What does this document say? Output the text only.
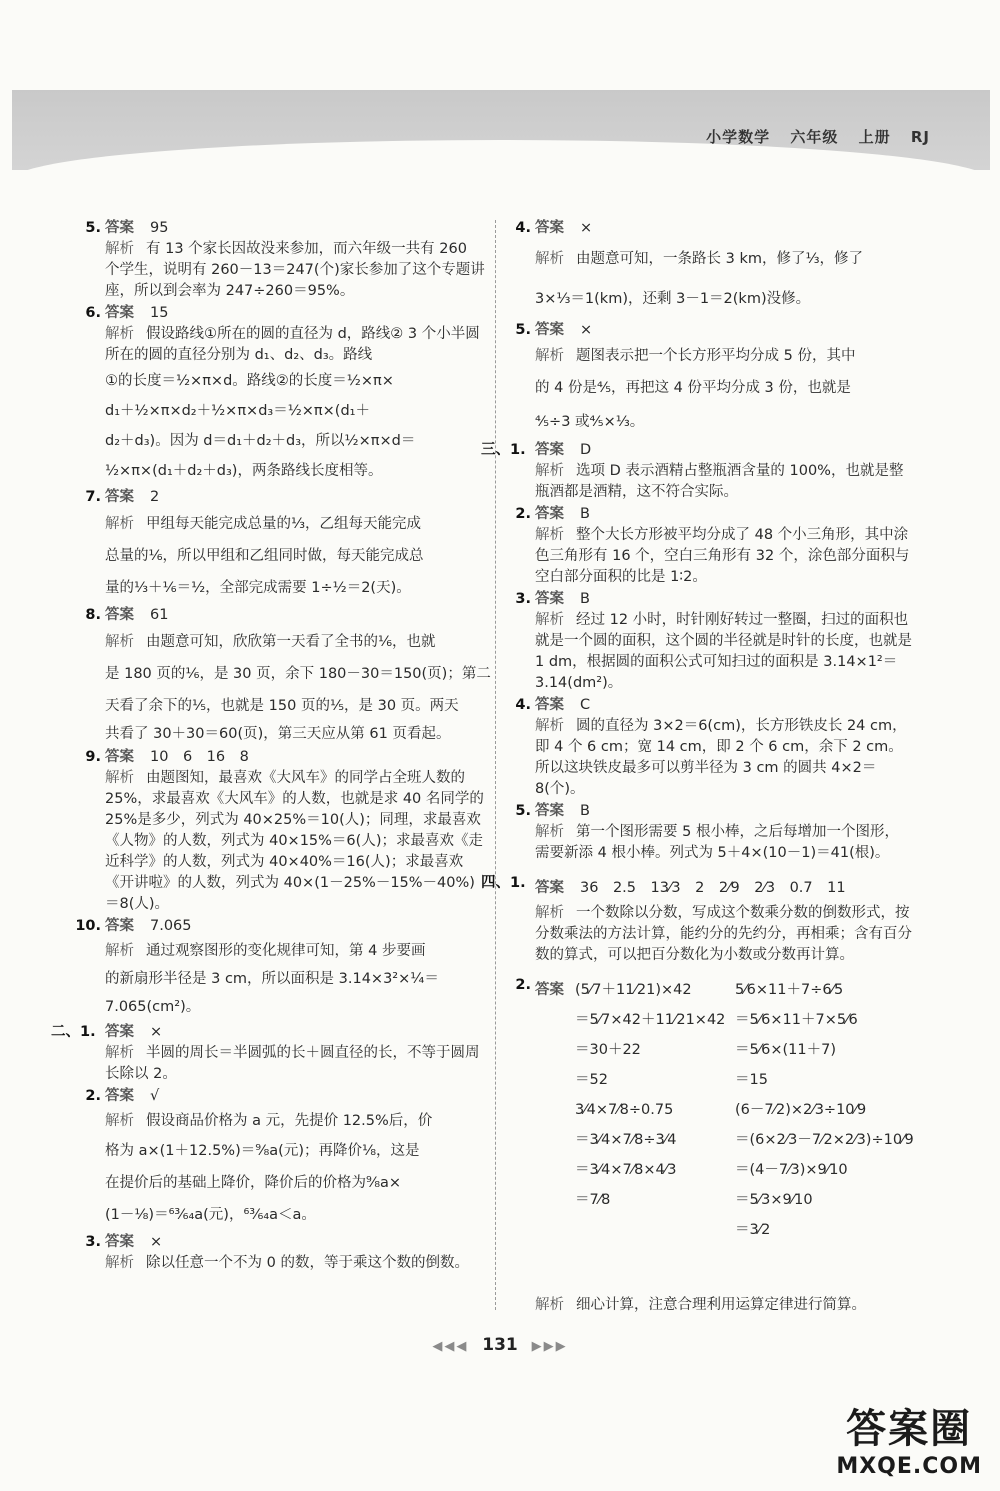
小学数学 六年级 上册 RJ
5. 答案 95
解析 有 13 个家长因故没来参加，而六年级一共有 260 个学生，说明有 260－13＝247(个)家长参加了这个专题讲座，所以到会率为 247÷260＝95%。
6. 答案 15
解析 假设路线①所在的圆的直径为 d，路线② 3 个小半圆所在的圆的直径分别为 d₁、d₂、d₃。路线
①的长度＝½×π×d。路线②的长度＝½×π×
d₁＋½×π×d₂＋½×π×d₃＝½×π×(d₁＋
d₂＋d₃)。因为 d＝d₁＋d₂＋d₃，所以½×π×d＝
½×π×(d₁＋d₂＋d₃)，两条路线长度相等。
7. 答案 2
解析 甲组每天能完成总量的⅓，乙组每天能完成
总量的⅙，所以甲组和乙组同时做，每天能完成总
量的⅓＋⅙＝½，全部完成需要 1÷½＝2(天)。
8. 答案 61
解析 由题意可知，欣欣第一天看了全书的⅙，也就
是 180 页的⅙，是 30 页，余下 180－30＝150(页)；第二
天看了余下的⅕，也就是 150 页的⅕，是 30 页。两天
共看了 30＋30＝60(页)，第三天应从第 61 页看起。
9. 答案 10　6　16　8
解析 由题图知，最喜欢《大风车》的同学占全班人数的 25%，求最喜欢《大风车》的人数，也就是求 40 名同学的 25%是多少，列式为 40×25%＝10(人)；同理，求最喜欢《人物》的人数，列式为 40×15%＝6(人)；求最喜欢《走近科学》的人数，列式为 40×40%＝16(人)；求最喜欢《开讲啦》的人数，列式为 40×(1－25%－15%－40%)＝8(人)。
10. 答案 7.065
解析 通过观察图形的变化规律可知，第 4 步要画
的新扇形半径是 3 cm，所以面积是 3.14×3²×¼＝
7.065(cm²)。
二、1. 答案 ×
解析 半圆的周长＝半圆弧的长＋圆直径的长，不等于圆周长除以 2。
2. 答案 √
解析 假设商品价格为 a 元，先提价 12.5%后，价
格为 a×(1＋12.5%)＝⁹⁄₈a(元)；再降价⅛，这是
在提价后的基础上降价，降价后的价格为⁹⁄₈a×
(1－⅛)＝⁶³⁄₆₄a(元)，⁶³⁄₆₄a＜a。
3. 答案 ×
解析 除以任意一个不为 0 的数，等于乘这个数的倒数。
4. 答案 ×
解析 由题意可知，一条路长 3 km，修了⅓，修了
3×⅓＝1(km)，还剩 3－1＝2(km)没修。
5. 答案 ×
解析 题图表示把一个长方形平均分成 5 份，其中
的 4 份是⅘，再把这 4 份平均分成 3 份，也就是
⅘÷3 或⅘×⅓。
三、1. 答案 D
解析 选项 D 表示酒精占整瓶酒含量的 100%，也就是整瓶酒都是酒精，这不符合实际。
2. 答案 B
解析 整个大长方形被平均分成了 48 个小三角形，其中涂色三角形有 16 个，空白三角形有 32 个，涂色部分面积与空白部分面积的比是 1∶2。
3. 答案 B
解析 经过 12 小时，时针刚好转过一整圈，扫过的面积也就是一个圆的面积，这个圆的半径就是时针的长度，也就是 1 dm，根据圆的面积公式可知扫过的面积是 3.14×1²＝3.14(dm²)。
4. 答案 C
解析 圆的直径为 3×2＝6(cm)，长方形铁皮长 24 cm，即 4 个 6 cm；宽 14 cm，即 2 个 6 cm，余下 2 cm。所以这块铁皮最多可以剪半径为 3 cm 的圆共 4×2＝8(个)。
5. 答案 B
解析 第一个图形需要 5 根小棒，之后每增加一个图形，需要新添 4 根小棒。列式为 5＋4×(10－1)＝41(根)。
四、1. 答案 36　2.5　13⁄3　2　2⁄9　2⁄3　0.7　11
解析 一个数除以分数，写成这个数乘分数的倒数形式，按分数乘法的方法计算，能约分的先约分，再相乘；含有百分数的算式，可以把百分数化为小数或分数再计算。
2. 答案 (5⁄7＋11⁄21)×42
＝5⁄7×42＋11⁄21×42
＝30＋22
＝52
3⁄4×7⁄8÷0.75
＝3⁄4×7⁄8÷3⁄4
＝3⁄4×7⁄8×4⁄3
＝7⁄8
5⁄6×11＋7÷6⁄5
＝5⁄6×11＋7×5⁄6
＝5⁄6×(11＋7)
＝15
(6－7⁄2)×2⁄3÷10⁄9
＝(6×2⁄3－7⁄2×2⁄3)÷10⁄9
＝(4－7⁄3)×9⁄10
＝5⁄3×9⁄10
＝3⁄2
解析 细心计算，注意合理利用运算定律进行简算。
◀◀◀ 131 ▶▶▶
答案圈
MXQE.COM
